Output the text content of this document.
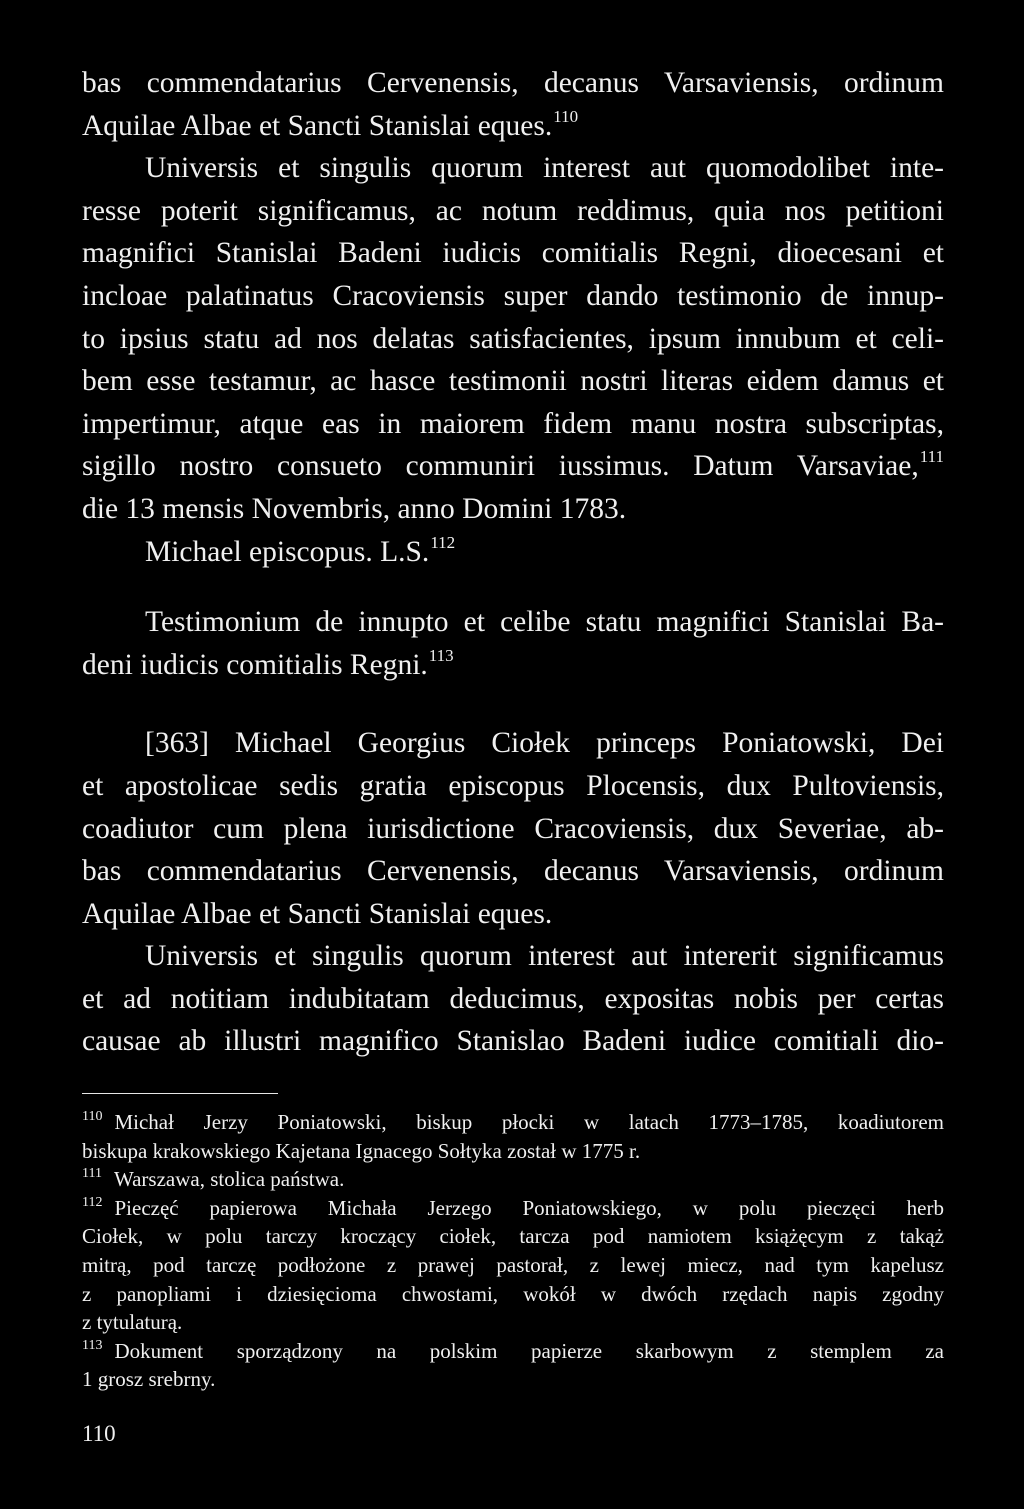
bas commendatarius Cervenensis, decanus Varsaviensis, ordinum
Aquilae Albae et Sancti Stanislai eques.$^{110}$
Universis et singulis quorum interest aut quomodolibet inte-
resse poterit significamus, ac notum reddimus, quia nos petitioni
magnifici Stanislai Badeni iudicis comitialis Regni, dioecesani et
incloae palatinatus Cracoviensis super dando testimonio de innup-
to ipsius statu ad nos delatas satisfacientes, ipsum innubum et celi-
bem esse testamur, ac hasce testimonii nostri literas eidem damus et
impertimur, atque eas in maiorem fidem manu nostra subscriptas,
sigillo nostro consueto communiri iussimus. Datum Varsaviae,$^{111}$
die 13 mensis Novembris, anno Domini 1783.
Michael episcopus. L.S.$^{112}$
Testimonium de innupto et celibe statu magnifici Stanislai Ba-
deni iudicis comitialis Regni.$^{113}$
[363] Michael Georgius Ciołek princeps Poniatowski, Dei
et apostolicae sedis gratia episcopus Plocensis, dux Pultoviensis,
coadiutor cum plena iurisdictione Cracoviensis, dux Severiae, ab-
bas commendatarius Cervenensis, decanus Varsaviensis, ordinum
Aquilae Albae et Sancti Stanislai eques.
Universis et singulis quorum interest aut intererit significamus
et ad notitiam indubitatam deducimus, expositas nobis per certas
causae ab illustri magnifico Stanislao Badeni iudice comitiali dio-
$^{110}$ Michał Jerzy Poniatowski, biskup płocki w latach 1773–1785, koadiutorem
biskupa krakowskiego Kajetana Ignacego Sołtyka został w 1775 r.
$^{111}$ Warszawa, stolica państwa.
$^{112}$ Pieczęć papierowa Michała Jerzego Poniatowskiego, w polu pieczęci herb
Ciołek, w polu tarczy kroczący ciołek, tarcza pod namiotem książęcym z takąż
mitrą, pod tarczę podłożone z prawej pastorał, z lewej miecz, nad tym kapelusz
z panopliami i dziesięcioma chwostami, wokół w dwóch rzędach napis zgodny
z tytulaturą.
$^{113}$ Dokument sporządzony na polskim papierze skarbowym z stemplem za
1 grosz srebrny.
110
